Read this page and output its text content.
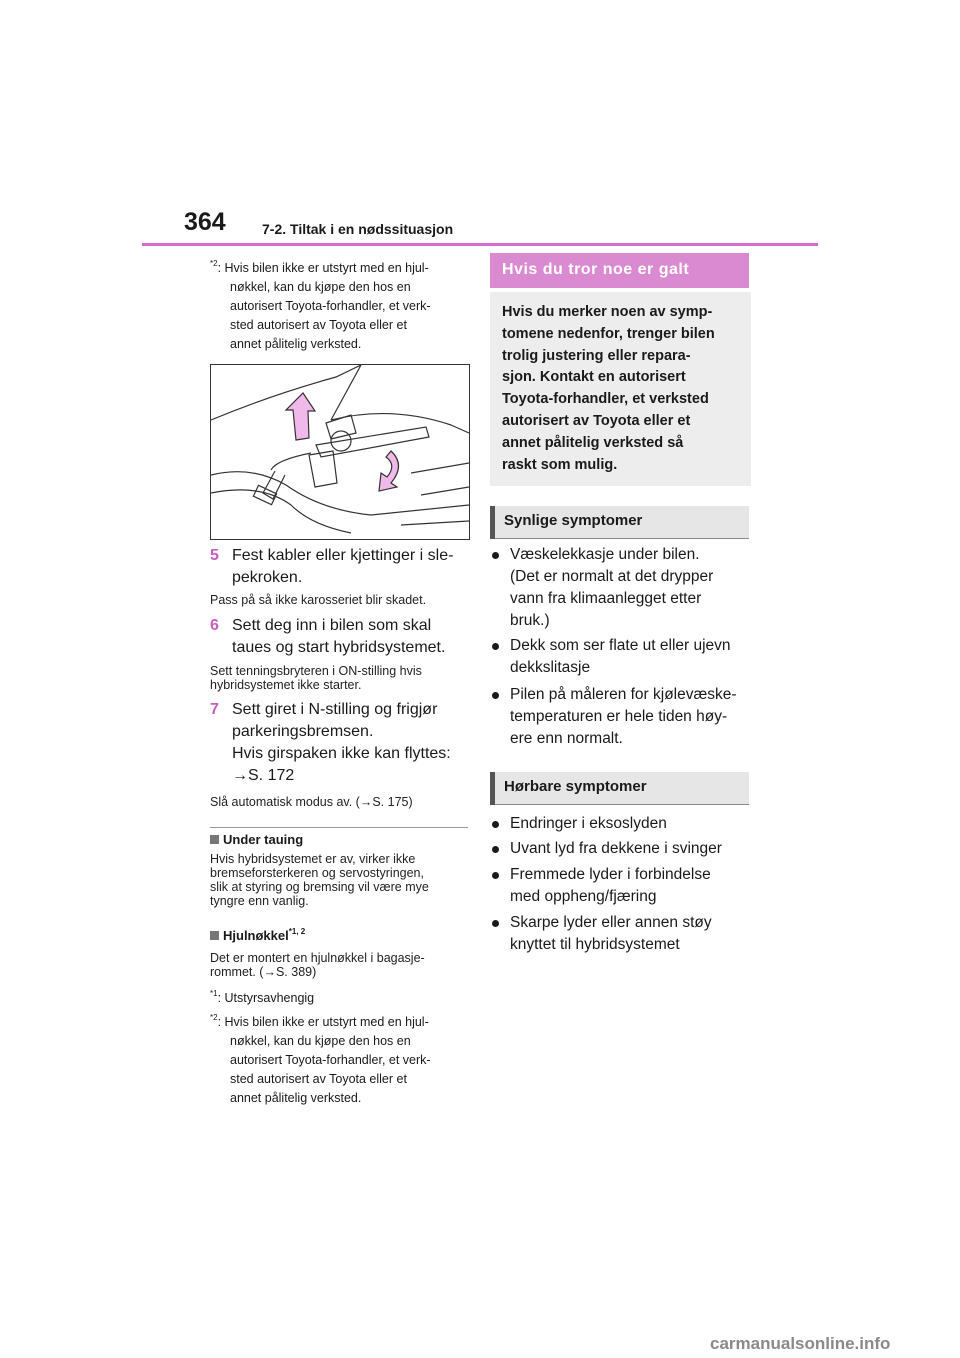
364	7-2. Tiltak i en nødssituasjon
$^{*2}$: Hvis bilen ikke er utstyrt med en hjul-
nøkkel, kan du kjøpe den hos en
autorisert Toyota-forhandler, et verk-
sted autorisert av Toyota eller et
annet pålitelig verksted.
5 Fest kabler eller kjettinger i sle-
pekroken.
Pass på så ikke karosseriet blir skadet.
6 Sett deg inn i bilen som skal
taues og start hybridsystemet.
Sett tenningsbryteren i ON-stilling hvis
hybridsystemet ikke starter.
7 Sett giret i N-stilling og frigjør
parkeringsbremsen.
Hvis girspaken ikke kan flyttes:
→S. 172
Slå automatisk modus av. (→S. 175)
Under tauing
Hvis hybridsystemet er av, virker ikke
bremseforsterkeren og servostyringen,
slik at styring og bremsing vil være mye
tyngre enn vanlig.
Hjulnøkkel$^{*1, 2}$
Det er montert en hjulnøkkel i bagasje-
rommet. (→S. 389)
$^{*1}$: Utstyrsavhengig
$^{*2}$: Hvis bilen ikke er utstyrt med en hjul-
nøkkel, kan du kjøpe den hos en
autorisert Toyota-forhandler, et verk-
sted autorisert av Toyota eller et
annet pålitelig verksted.
Hvis du tror noe er galt

Hvis du merker noen av symp-
tomene nedenfor, trenger bilen
trolig justering eller repara-
sjon. Kontakt en autorisert
Toyota-forhandler, et verksted
autorisert av Toyota eller et
annet pålitelig verksted så
raskt som mulig.

Synlige symptomer
Væskelekkasje under bilen.
(Det er normalt at det drypper
vann fra klimaanlegget etter
bruk.)
Dekk som ser flate ut eller ujevn
dekkslitasje
Pilen på måleren for kjølevæske-
temperaturen er hele tiden høy-
ere enn normalt.
Hørbare symptomer
Endringer i eksoslyden
Uvant lyd fra dekkene i svinger
Fremmede lyder i forbindelse
med oppheng/fjæring
Skarpe lyder eller annen støy
knyttet til hybridsystemet
carmanualsonline.info
